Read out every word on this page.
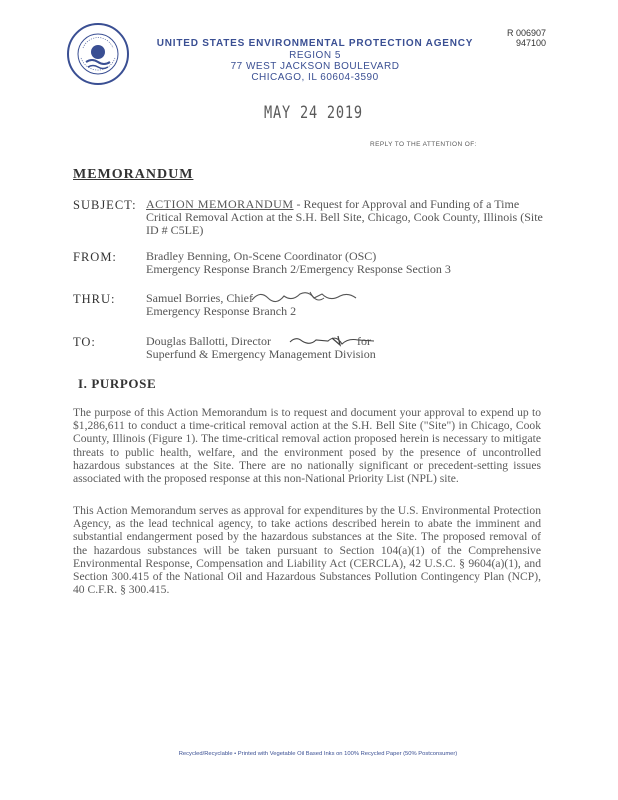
UNITED STATES ENVIRONMENTAL PROTECTION AGENCY
REGION 5
77 WEST JACKSON BOULEVARD
CHICAGO, IL 60604-3590
R 006907
947100
MAY 24 2019
REPLY TO THE ATTENTION OF:
MEMORANDUM
SUBJECT: ACTION MEMORANDUM - Request for Approval and Funding of a Time Critical Removal Action at the S.H. Bell Site, Chicago, Cook County, Illinois (Site ID # C5LE)
FROM: Bradley Benning, On-Scene Coordinator (OSC)
Emergency Response Branch 2/Emergency Response Section 3
THRU:	Samuel Borries, Chief
Emergency Response Branch 2
TO:	Douglas Ballotti, Director	for
Superfund & Emergency Management Division
I. PURPOSE
The purpose of this Action Memorandum is to request and document your approval to expend up to $1,286,611 to conduct a time-critical removal action at the S.H. Bell Site ("Site") in Chicago, Cook County, Illinois (Figure 1). The time-critical removal action proposed herein is necessary to mitigate threats to public health, welfare, and the environment posed by the presence of uncontrolled hazardous substances at the Site. There are no nationally significant or precedent-setting issues associated with the proposed response at this non-National Priority List (NPL) site.
This Action Memorandum serves as approval for expenditures by the U.S. Environmental Protection Agency, as the lead technical agency, to take actions described herein to abate the imminent and substantial endangerment posed by the hazardous substances at the Site. The proposed removal of the hazardous substances will be taken pursuant to Section 104(a)(1) of the Comprehensive Environmental Response, Compensation and Liability Act (CERCLA), 42 U.S.C. § 9604(a)(1), and Section 300.415 of the National Oil and Hazardous Substances Pollution Contingency Plan (NCP), 40 C.F.R. § 300.415.
Recycled/Recyclable • Printed with Vegetable Oil Based Inks on 100% Recycled Paper (50% Postconsumer)
